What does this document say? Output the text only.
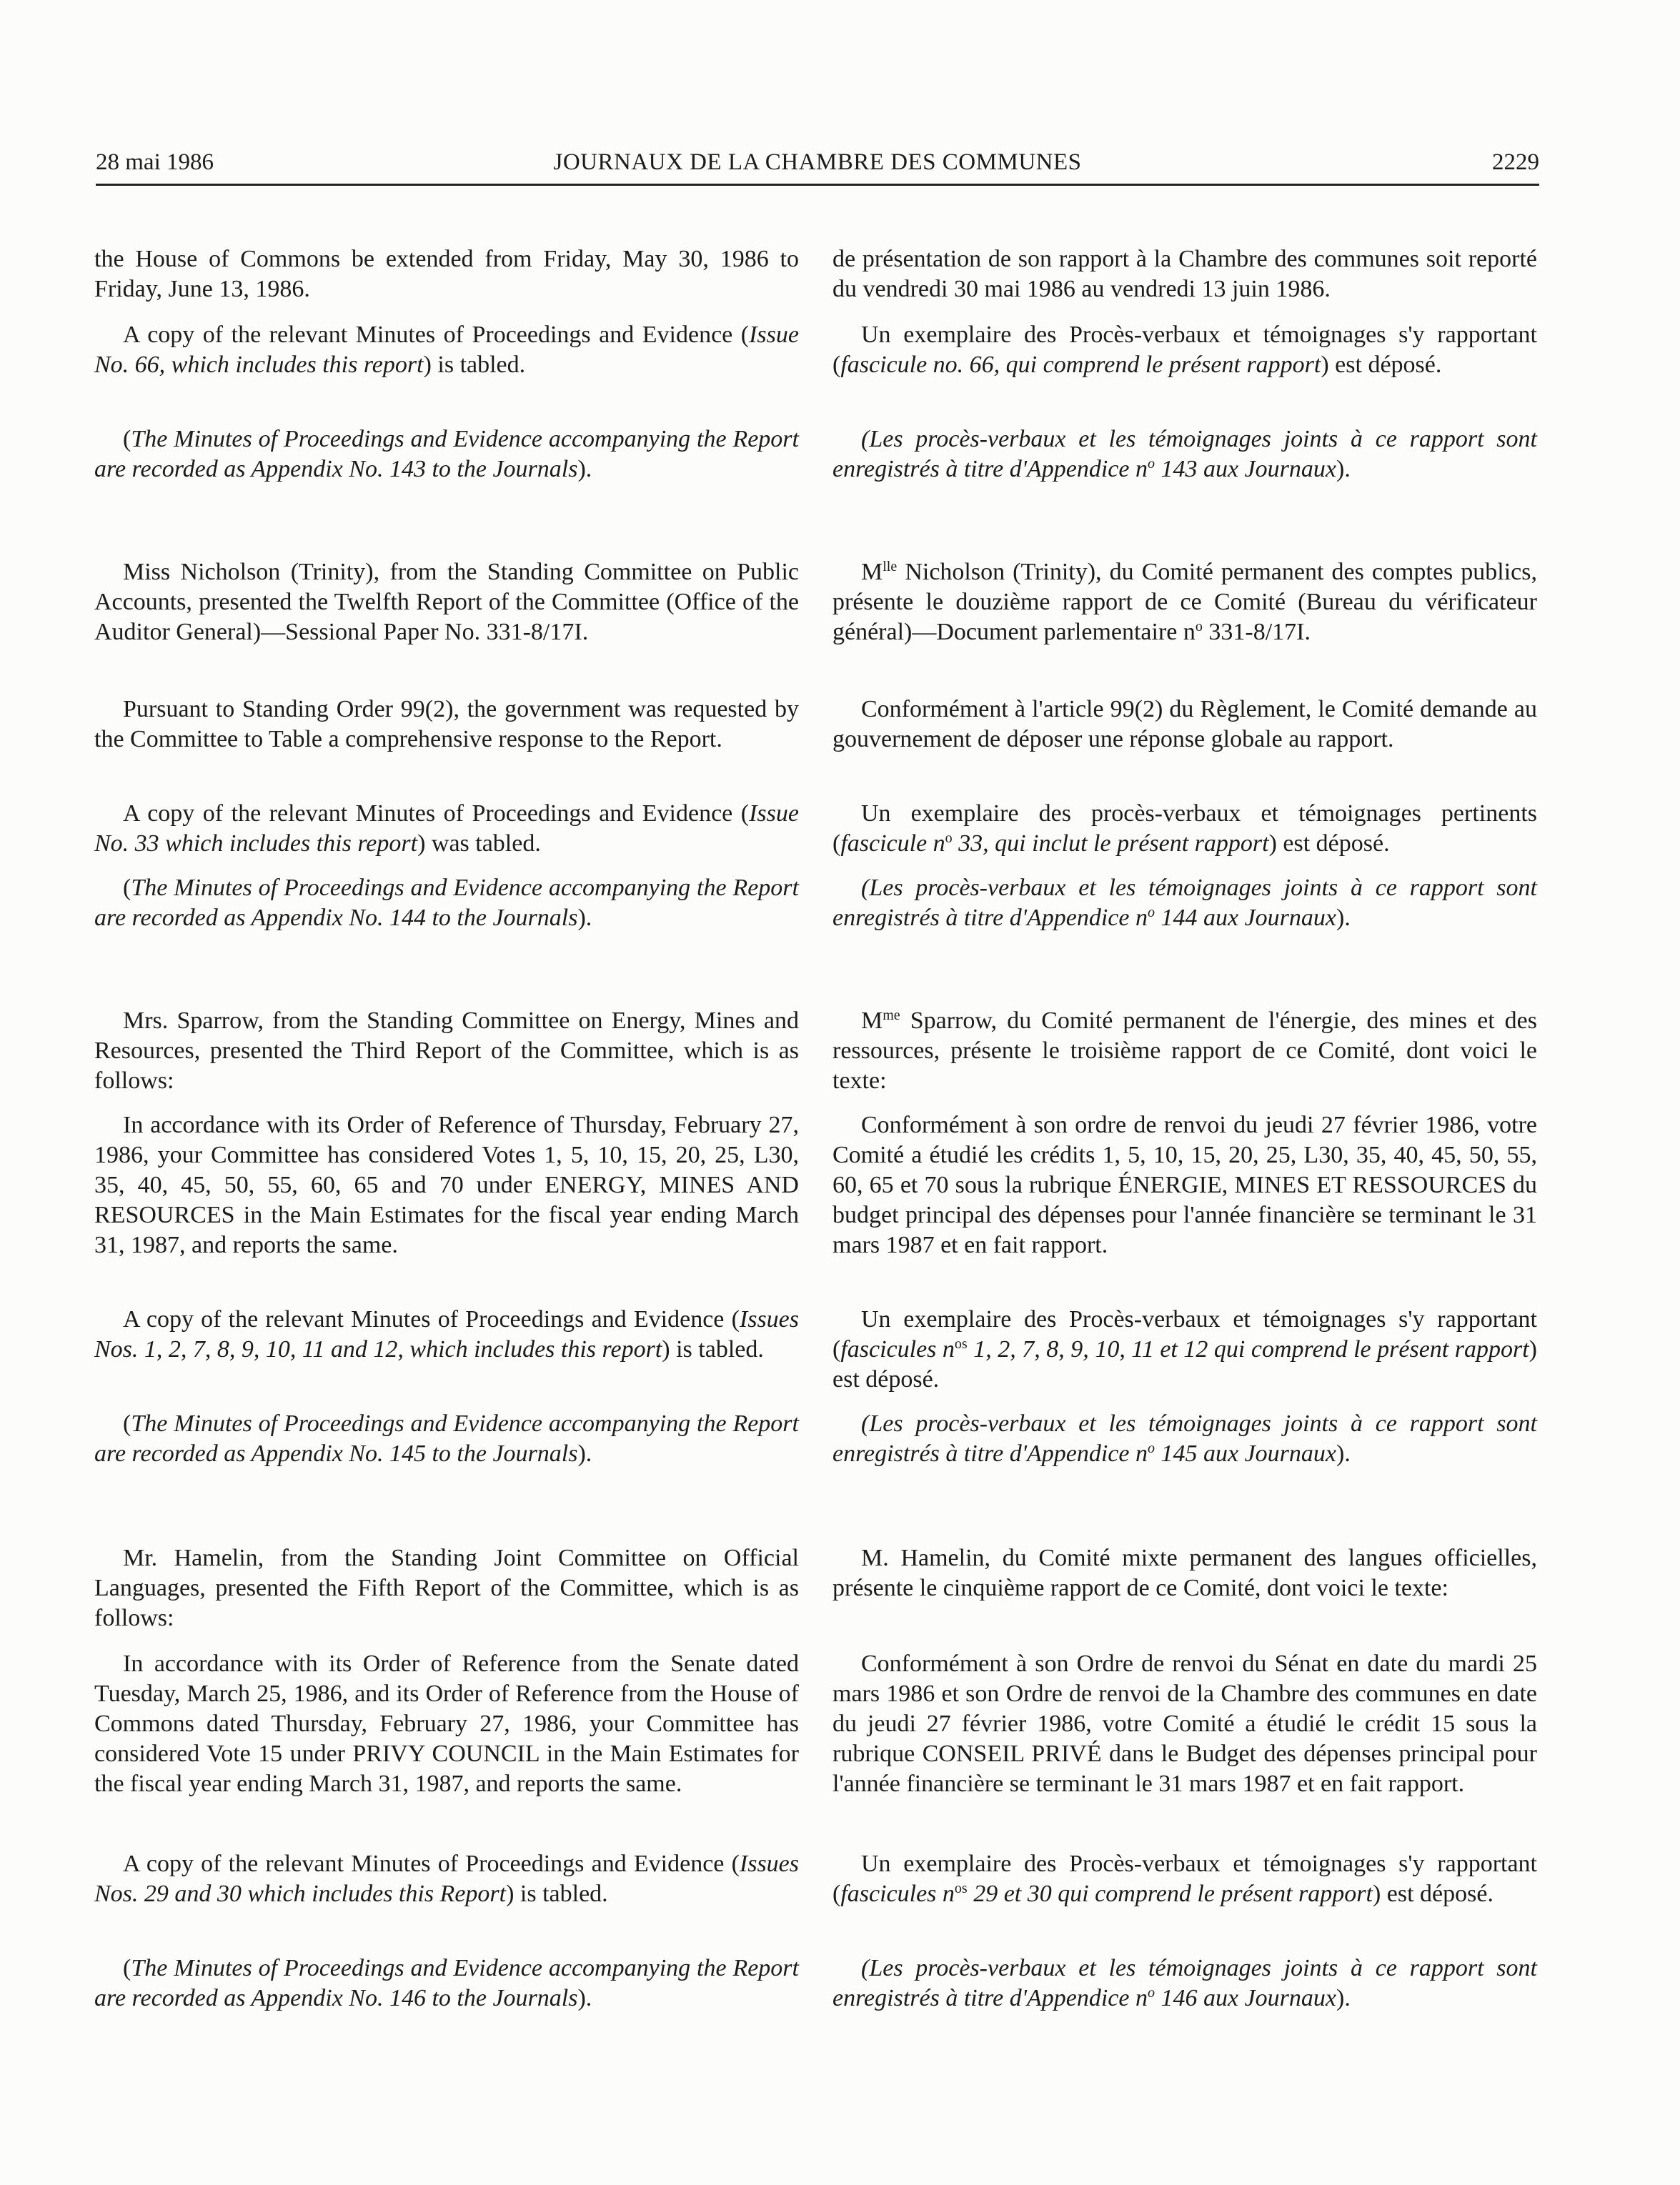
28 mai 1986	JOURNAUX DE LA CHAMBRE DES COMMUNES	2229

the House of Commons be extended from Friday, May 30, 1986 to Friday, June 13, 1986.

A copy of the relevant Minutes of Proceedings and Evidence (Issue No. 66, which includes this report) is tabled.

(The Minutes of Proceedings and Evidence accompanying the Report are recorded as Appendix No. 143 to the Journals).

Miss Nicholson (Trinity), from the Standing Committee on Public Accounts, presented the Twelfth Report of the Committee (Office of the Auditor General)—Sessional Paper No. 331-8/17I.

Pursuant to Standing Order 99(2), the government was requested by the Committee to Table a comprehensive response to the Report.

A copy of the relevant Minutes of Proceedings and Evidence (Issue No. 33 which includes this report) was tabled.

(The Minutes of Proceedings and Evidence accompanying the Report are recorded as Appendix No. 144 to the Journals).

Mrs. Sparrow, from the Standing Committee on Energy, Mines and Resources, presented the Third Report of the Committee, which is as follows:

In accordance with its Order of Reference of Thursday, February 27, 1986, your Committee has considered Votes 1, 5, 10, 15, 20, 25, L30, 35, 40, 45, 50, 55, 60, 65 and 70 under ENERGY, MINES AND RESOURCES in the Main Estimates for the fiscal year ending March 31, 1987, and reports the same.

A copy of the relevant Minutes of Proceedings and Evidence (Issues Nos. 1, 2, 7, 8, 9, 10, 11 and 12, which includes this report) is tabled.

(The Minutes of Proceedings and Evidence accompanying the Report are recorded as Appendix No. 145 to the Journals).

Mr. Hamelin, from the Standing Joint Committee on Official Languages, presented the Fifth Report of the Committee, which is as follows:

In accordance with its Order of Reference from the Senate dated Tuesday, March 25, 1986, and its Order of Reference from the House of Commons dated Thursday, February 27, 1986, your Committee has considered Vote 15 under PRIVY COUNCIL in the Main Estimates for the fiscal year ending March 31, 1987, and reports the same.

A copy of the relevant Minutes of Proceedings and Evidence (Issues Nos. 29 and 30 which includes this Report) is tabled.

(The Minutes of Proceedings and Evidence accompanying the Report are recorded as Appendix No. 146 to the Journals).

de présentation de son rapport à la Chambre des communes soit reporté du vendredi 30 mai 1986 au vendredi 13 juin 1986.

Un exemplaire des Procès-verbaux et témoignages s'y rapportant (fascicule no. 66, qui comprend le présent rapport) est déposé.

(Les procès-verbaux et les témoignages joints à ce rapport sont enregistrés à titre d'Appendice $n^o$ 143 aux Journaux).

$M^{lle}$ Nicholson (Trinity), du Comité permanent des comptes publics, présente le douzième rapport de ce Comité (Bureau du vérificateur général)—Document parlementaire $n^o$ 331-8/17I.

Conformément à l'article 99(2) du Règlement, le Comité demande au gouvernement de déposer une réponse globale au rapport.

Un exemplaire des procès-verbaux et témoignages pertinents (fascicule $n^o$ 33, qui inclut le présent rapport) est déposé.

(Les procès-verbaux et les témoignages joints à ce rapport sont enregistrés à titre d'Appendice $n^o$ 144 aux Journaux).

$M^{me}$ Sparrow, du Comité permanent de l'énergie, des mines et des ressources, présente le troisième rapport de ce Comité, dont voici le texte:

Conformément à son ordre de renvoi du jeudi 27 février 1986, votre Comité a étudié les crédits 1, 5, 10, 15, 20, 25, L30, 35, 40, 45, 50, 55, 60, 65 et 70 sous la rubrique ÉNERGIE, MINES ET RESSOURCES du budget principal des dépenses pour l'année financière se terminant le 31 mars 1987 et en fait rapport.

Un exemplaire des Procès-verbaux et témoignages s'y rapportant (fascicules $n^{os}$ 1, 2, 7, 8, 9, 10, 11 et 12 qui comprend le présent rapport) est déposé.

(Les procès-verbaux et les témoignages joints à ce rapport sont enregistrés à titre d'Appendice $n^o$ 145 aux Journaux).

M. Hamelin, du Comité mixte permanent des langues officielles, présente le cinquième rapport de ce Comité, dont voici le texte:

Conformément à son Ordre de renvoi du Sénat en date du mardi 25 mars 1986 et son Ordre de renvoi de la Chambre des communes en date du jeudi 27 février 1986, votre Comité a étudié le crédit 15 sous la rubrique CONSEIL PRIVÉ dans le Budget des dépenses principal pour l'année financière se terminant le 31 mars 1987 et en fait rapport.

Un exemplaire des Procès-verbaux et témoignages s'y rapportant (fascicules $n^{os}$ 29 et 30 qui comprend le présent rapport) est déposé.

(Les procès-verbaux et les témoignages joints à ce rapport sont enregistrés à titre d'Appendice $n^o$ 146 aux Journaux).
